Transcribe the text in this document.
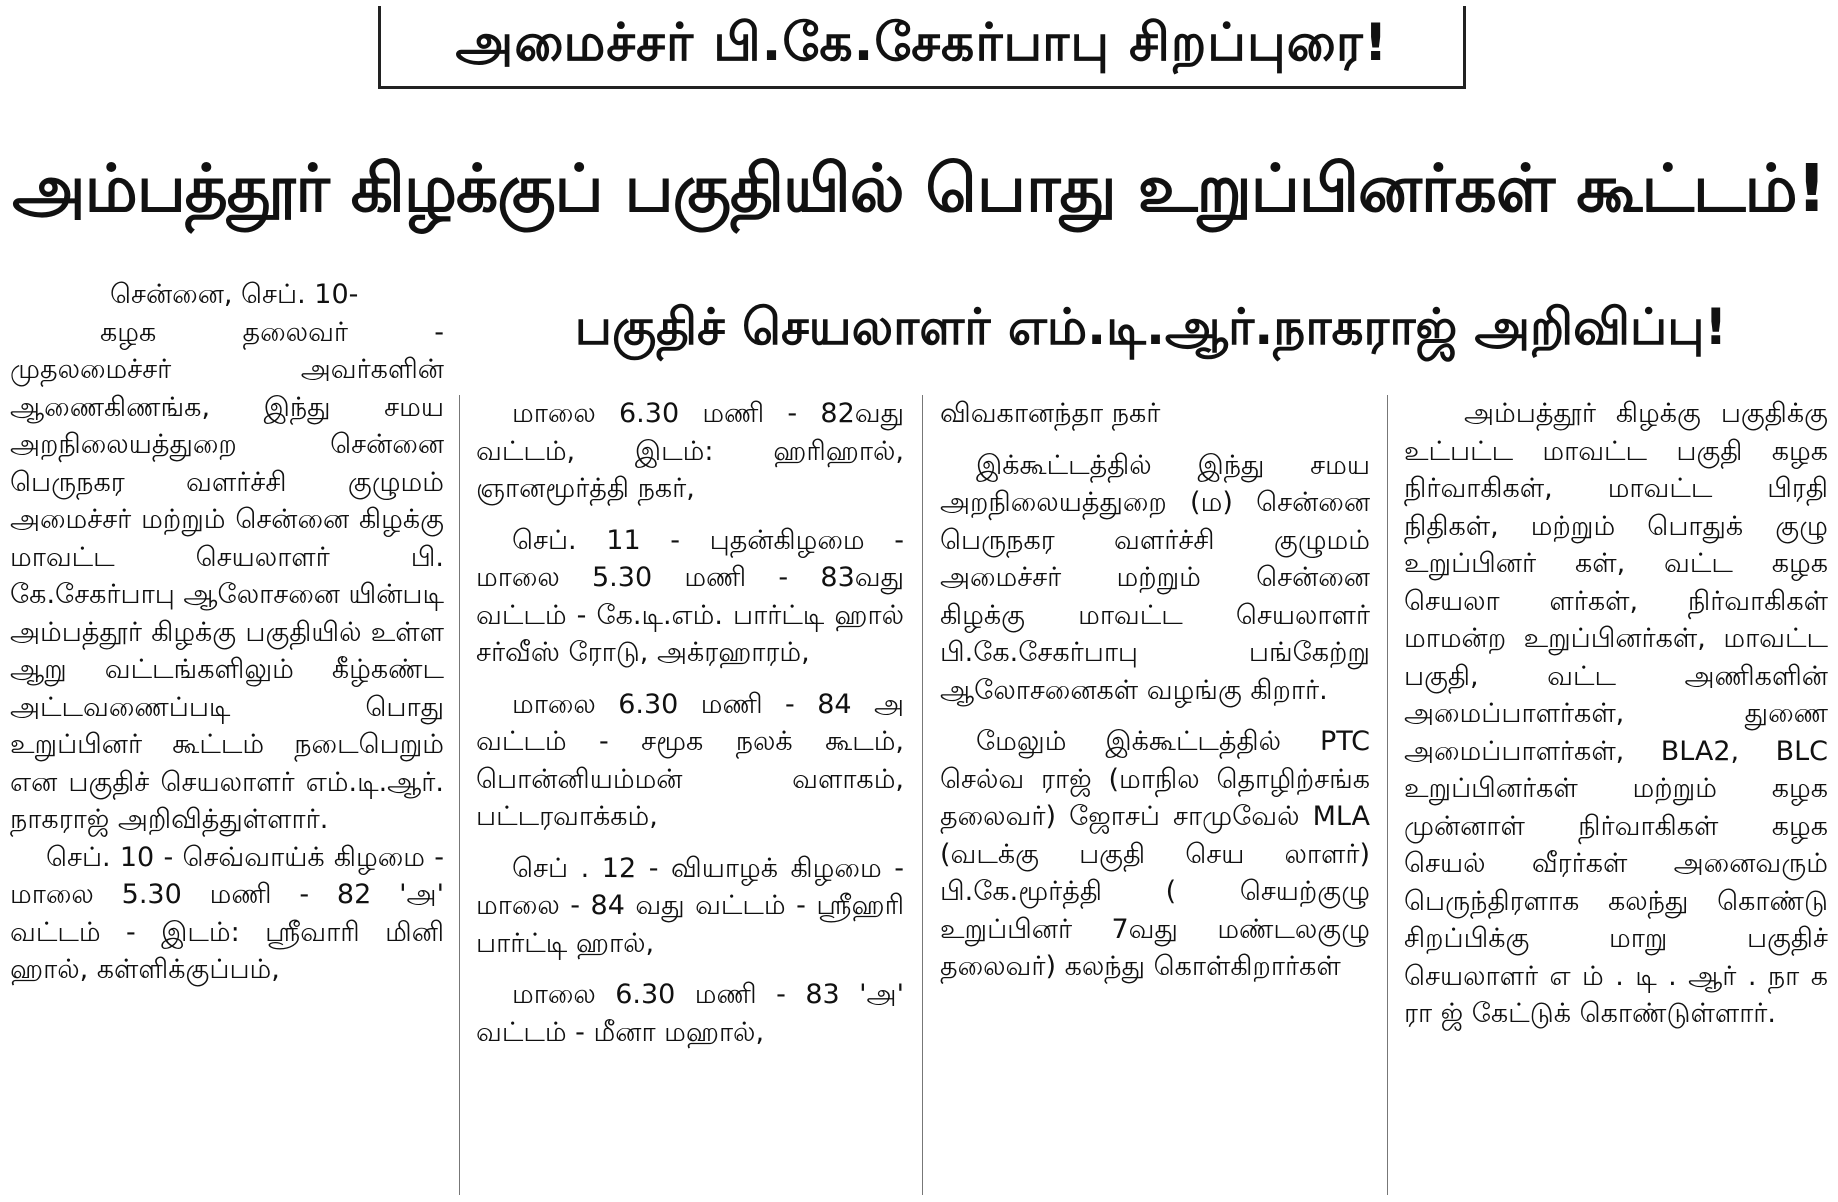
அமைச்சர் பி.கே.சேகர்பாபு சிறப்புரை!
அம்பத்தூர் கிழக்குப் பகுதியில் பொது உறுப்பினர்கள் கூட்டம்!
பகுதிச் செயலாளர் எம்.டி.ஆர்.நாகராஜ் அறிவிப்பு!

சென்னை, செப். 10-

கழக தலைவர் - முதலமைச்சர் அவர்களின் ஆணைகிணங்க, இந்து சமய அறநிலையத்துறை சென்னை பெருநகர வளர்ச்சி குழுமம் அமைச்சர் மற்றும் சென்னை கிழக்கு மாவட்ட செயலாளர் பி. கே.சேகர்பாபு ஆலோசனை யின்படி அம்பத்தூர் கிழக்கு பகுதியில் உள்ள ஆறு வட்டங்களிலும் கீழ்கண்ட அட்டவணைப்படி பொது உறுப்பினர் கூட்டம் நடைபெறும் என பகுதிச் செயலாளர் எம்.டி.ஆர். நாகராஜ் அறிவித்துள்ளார்.

செப். 10 - செவ்வாய்க் கிழமை - மாலை 5.30 மணி - 82 'அ' வட்டம் - இடம்: ஸ்ரீவாரி மினி ஹால், கள்ளிக்குப்பம்,

மாலை 6.30 மணி - 82வது வட்டம், இடம்: ஹரிஹால், ஞானமூர்த்தி நகர்,

செப். 11 - புதன்கிழமை - மாலை 5.30 மணி - 83வது வட்டம் - கே.டி.எம். பார்ட்டி ஹால் சர்வீஸ் ரோடு, அக்ரஹாரம்,

மாலை 6.30 மணி - 84 அ வட்டம் - சமூக நலக் கூடம், பொன்னியம்மன் வளாகம், பட்டரவாக்கம்,

செப் . 12 - வியாழக் கிழமை - மாலை - 84 வது வட்டம் - ஸ்ரீஹரி பார்ட்டி ஹால்,

மாலை 6.30 மணி - 83 'அ' வட்டம் - மீனா மஹால்,

விவகானந்தா நகர்

இக்கூட்டத்தில் இந்து சமய அறநிலையத்துறை (ம) சென்னை பெருநகர வளர்ச்சி குழுமம் அமைச்சர் மற்றும் சென்னை கிழக்கு மாவட்ட செயலாளர் பி.கே.சேகர்பாபு பங்கேற்று ஆலோசனைகள் வழங்கு கிறார்.

மேலும் இக்கூட்டத்தில் PTC செல்வ ராஜ் (மாநில தொழிற்சங்க தலைவர்) ஜோசப் சாமுவேல் MLA (வடக்கு பகுதி செய லாளர்) பி.கே.மூர்த்தி ( செயற்குழு உறுப்பினர் 7வது மண்டலகுழு தலைவர்) கலந்து கொள்கிறார்கள்

அம்பத்தூர் கிழக்கு பகுதிக்கு உட்பட்ட மாவட்ட பகுதி கழக நிர்வாகிகள், மாவட்ட பிரதி நிதிகள், மற்றும் பொதுக் குழு உறுப்பினர் கள், வட்ட கழக செயலா ளர்கள், நிர்வாகிகள் மாமன்ற உறுப்பினர்கள், மாவட்ட பகுதி, வட்ட அணிகளின் அமைப்பாளர்கள், துணை அமைப்பாளர்கள், BLA2, BLC உறுப்பினர்கள் மற்றும் கழக முன்னாள் நிர்வாகிகள் கழக செயல் வீரர்கள் அனைவரும் பெருந்திரளாக கலந்து கொண்டு சிறப்பிக்கு மாறு பகுதிச் செயலாளர் எ ம் . டி . ஆர் . நா க ரா ஜ் கேட்டுக் கொண்டுள்ளார்.
